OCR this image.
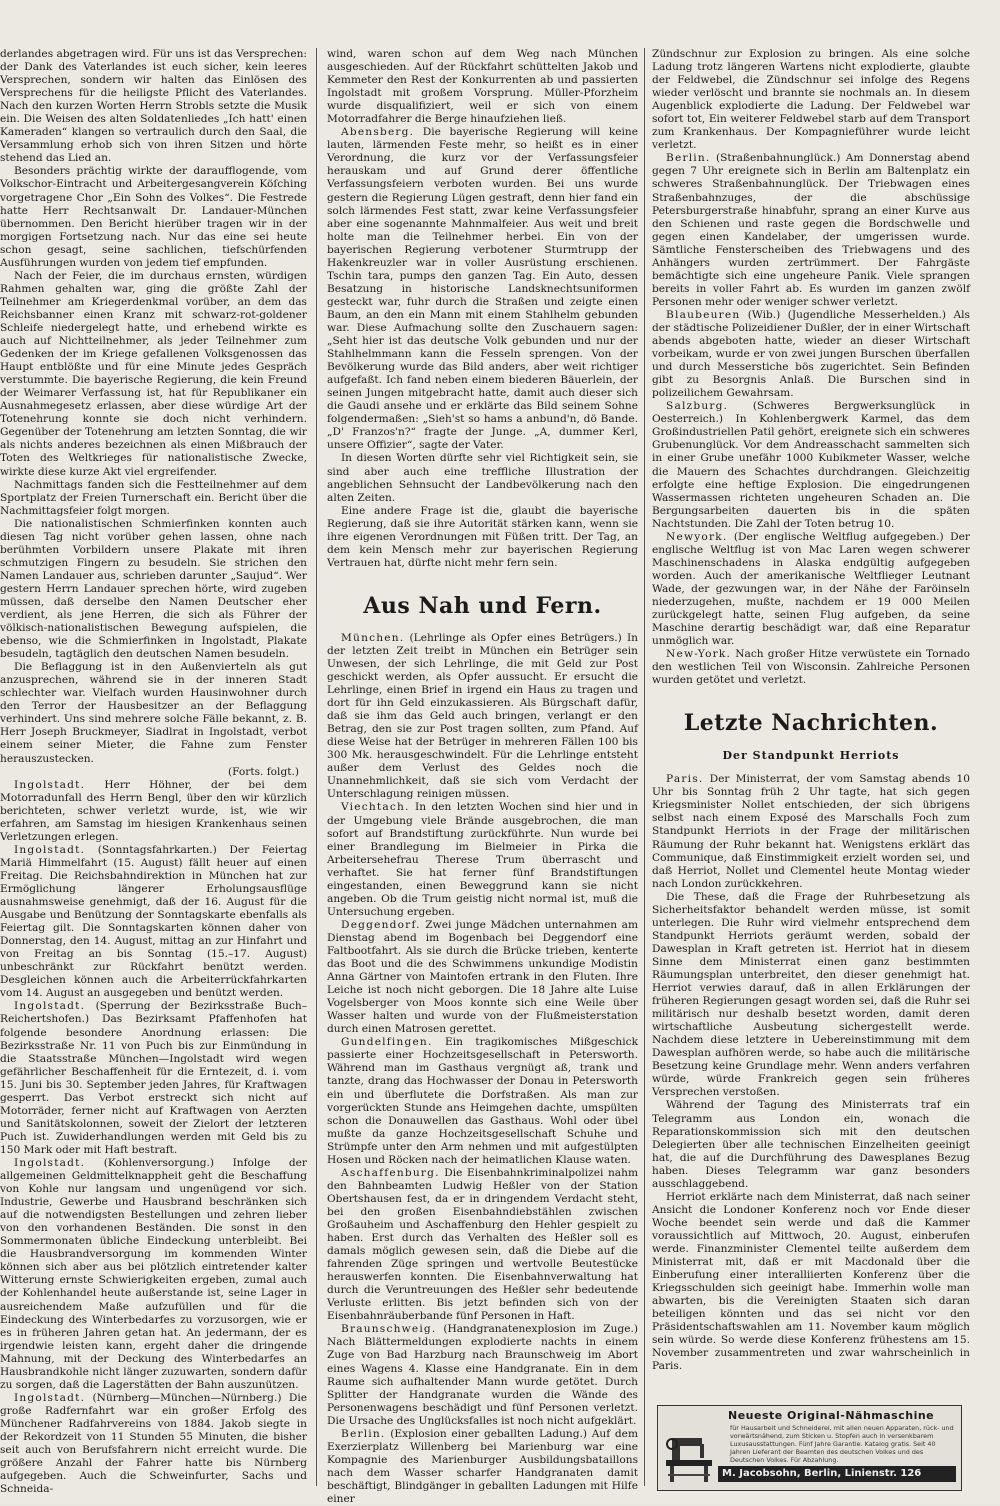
derlandes abgetragen wird. Für uns ist das Versprechen: der Dank des Vaterlandes ist euch sicher, kein leeres Versprechen, sondern wir halten das Einlösen des Versprechens für die heiligste Pflicht des Vaterlandes. Nach den kurzen Worten Herrn Strobls setzte die Musik ein. Die Weisen des alten Soldatenliedes „Ich hatt' einen Kameraden“ klangen so vertraulich durch den Saal, die Versammlung erhob sich von ihren Sitzen und hörte stehend das Lied an.

Besonders prächtig wirkte der daraufflogende, vom Volkschor-Eintracht und Arbeitergesangverein Köſching vorgetragene Chor „Ein Sohn des Volkes“. Die Festrede hatte Herr Rechtsanwalt Dr. Landauer-München übernommen. Den Bericht hierüber tragen wir in der morgigen Fortsetzung nach. Nur das eine sei heute schon gesagt, seine sachlichen, tiefschürfenden Ausführungen wurden von jedem tief empfunden.

Nach der Feier, die im durchaus ernsten, würdigen Rahmen gehalten war, ging die größte Zahl der Teilnehmer am Kriegerdenkmal vorüber, an dem das Reichsbanner einen Kranz mit schwarz-rot-goldener Schleife niedergelegt hatte, und erhebend wirkte es auch auf Nichtteilnehmer, als jeder Teilnehmer zum Gedenken der im Kriege gefallenen Volksgenossen das Haupt entblößte und für eine Minute jedes Gespräch verstummte. Die bayerische Regierung, die kein Freund der Weimarer Verfassung ist, hat für Republikaner ein Ausnahmegesetz erlassen, aber diese würdige Art der Totenehrung konnte sie doch nicht verhindern. Gegenüber der Totenehrung am letzten Sonntag, die wir als nichts anderes bezeichnen als einen Mißbrauch der Toten des Weltkrieges für nationalistische Zwecke, wirkte diese kurze Akt viel ergreifender.

Nachmittags fanden sich die Festteilnehmer auf dem Sportplatz der Freien Turnerschaft ein. Bericht über die Nachmittagsfeier folgt morgen.

Die nationalistischen Schmierfinken konnten auch diesen Tag nicht vorüber gehen lassen, ohne nach berühmten Vorbildern unsere Plakate mit ihren schmutzigen Fingern zu besudeln. Sie strichen den Namen Landauer aus, schrieben darunter „Saujud“. Wer gestern Herrn Landauer sprechen hörte, wird zugeben müssen, daß derselbe den Namen Deutscher eher verdient, als jene Herren, die sich als Führer der völkisch-nationalistischen Bewegung aufspielen, die ebenso, wie die Schmierfinken in Ingolstadt, Plakate besudeln, tagtäglich den deutschen Namen besudeln.

Die Beflaggung ist in den Außenvierteln als gut anzusprechen, während sie in der inneren Stadt schlechter war. Vielfach wurden Hausinwohner durch den Terror der Hausbesitzer an der Beflaggung verhindert. Uns sind mehrere solche Fälle bekannt, z. B. Herr Joseph Bruckmeyer, Siadlrat in Ingolstadt, verbot einem seiner Mieter, die Fahne zum Fenster herauszustecken.

(Forts. folgt.)

Ingolstadt. Herr Höhner, der bei dem Motorradunfall des Herrn Bengl, über den wir kürzlich berichteten, schwer verletzt wurde, ist, wie wir erfahren, am Samstag im hiesigen Krankenhaus seinen Verletzungen erlegen.

Ingolstadt. (Sonntagsfahrkarten.) Der Feiertag Mariä Himmelfahrt (15. August) fällt heuer auf einen Freitag. Die Reichsbahndirektion in München hat zur Ermöglichung längerer Erholungsausflüge ausnahmsweise genehmigt, daß der 16. August für die Ausgabe und Benützung der Sonntagskarte ebenfalls als Feiertag gilt. Die Sonntagskarten können daher von Donnerstag, den 14. August, mittag an zur Hinfahrt und von Freitag an bis Sonntag (15.–17. August) unbeschränkt zur Rückfahrt benützt werden. Desgleichen können auch die Arbeiterrückfahrkarten vom 14. August an ausgegeben und benützt werden.

Ingolstadt. (Sperrung der Bezirksstraße Buch–Reichertshofen.) Das Bezirksamt Pfaffenhofen hat folgende besondere Anordnung erlassen: Die Bezirksstraße Nr. 11 von Puch bis zur Einmündung in die Staatsstraße München—Ingolstadt wird wegen gefährlicher Beschaffenheit für die Erntezeit, d. i. vom 15. Juni bis 30. September jeden Jahres, für Kraftwagen gesperrt. Das Verbot erstreckt sich nicht auf Motorräder, ferner nicht auf Kraftwagen von Aerzten und Sanitätskolonnen, soweit der Zielort der letzteren Puch ist. Zuwiderhandlungen werden mit Geld bis zu 150 Mark oder mit Haft bestraft.

Ingolstadt. (Kohlenversorgung.) Infolge der allgemeinen Geldmittelknappheit geht die Beschaffung von Kohle nur langsam und ungenügend vor sich. Industrie, Gewerbe und Hausbrand beschränken sich auf die notwendigsten Bestellungen und zehren lieber von den vorhandenen Beständen. Die sonst in den Sommermonaten übliche Eindeckung unterbleibt. Bei die Hausbrandversorgung im kommenden Winter können sich aber aus bei plötzlich eintretender kalter Witterung ernste Schwierigkeiten ergeben, zumal auch der Kohlenhandel heute außerstande ist, seine Lager in ausreichendem Maße aufzufüllen und für die Eindeckung des Winterbedarfes zu vorzusorgen, wie er es in früheren Jahren getan hat. An jedermann, der es irgendwie leisten kann, ergeht daher die dringende Mahnung, mit der Deckung des Winterbedarfes an Hausbrandkohle nicht länger zuzuwarten, sondern dafür zu sorgen, daß die Lagerstätten der Bahn auszunützen.

Ingolstadt. (Nürnberg—München—Nürnberg.) Die große Radfernfahrt war ein großer Erfolg des Münchener Radfahrvereins von 1884. Jakob siegte in der Rekordzeit von 11 Stunden 55 Minuten, die bisher seit auch von Berufsfahrern nicht erreicht wurde. Die größere Anzahl der Fahrer hatte bis Nürnberg aufgegeben. Auch die Schweinfurter, Sachs und Schneida-

wind, waren schon auf dem Weg nach München ausgeschieden. Auf der Rückfahrt schüttelten Jakob und Kemmeter den Rest der Konkurrenten ab und passierten Ingolstadt mit großem Vorsprung. Müller-Pforzheim wurde disqualifiziert, weil er sich von einem Motorradfahrer die Berge hinaufziehen ließ.

Abensberg. Die bayerische Regierung will keine lauten, lärmenden Feste mehr, so heißt es in einer Verordnung, die kurz vor der Verfassungsfeier herauskam und auf Grund derer öffentliche Verfassungsfeiern verboten wurden. Bei uns wurde gestern die Regierung Lügen gestraft, denn hier fand ein solch lärmendes Fest statt, zwar keine Verfassungsfeier aber eine sogenannte Mahnmalfeier. Aus weit und breit holte man die Teilnehmer herbei. Ein von der bayerischen Regierung verbotener Sturmtrupp der Hakenkreuzler war in voller Ausrüstung erschienen. Tschin tara, pumps den ganzen Tag. Ein Auto, dessen Besatzung in historische Landsknechtsuniformen gesteckt war, fuhr durch die Straßen und zeigte einen Baum, an den ein Mann mit einem Stahlhelm gebunden war. Diese Aufmachung sollte den Zuschauern sagen: „Seht hier ist das deutsche Volk gebunden und nur der Stahlhelmmann kann die Fesseln sprengen. Von der Bevölkerung wurde das Bild anders, aber weit richtiger aufgefaßt. Ich fand neben einem biederen Bäuerlein, der seinen Jungen mitgebracht hatte, damit auch dieser sich die Gaudi ansehe und er erklärte das Bild seinem Sohne folgendermaßen: „Sieh'st so hams a anbund'n, dö Bande. „D' Franzos'n?“ fragte der Junge. „A, dummer Kerl, unsere Offizier“, sagte der Vater.

In diesen Worten dürfte sehr viel Richtigkeit sein, sie sind aber auch eine treffliche Illustration der angeblichen Sehnsucht der Landbevölkerung nach den alten Zeiten.

Eine andere Frage ist die, glaubt die bayerische Regierung, daß sie ihre Autorität stärken kann, wenn sie ihre eigenen Verordnungen mit Füßen tritt. Der Tag, an dem kein Mensch mehr zur bayerischen Regierung Vertrauen hat, dürfte nicht mehr fern sein.

Aus Nah und Fern.

München. (Lehrlinge als Opfer eines Betrügers.) In der letzten Zeit treibt in München ein Betrüger sein Unwesen, der sich Lehrlinge, die mit Geld zur Post geschickt werden, als Opfer aussucht. Er ersucht die Lehrlinge, einen Brief in irgend ein Haus zu tragen und dort für ihn Geld einzukassieren. Als Bürgschaft dafür, daß sie ihm das Geld auch bringen, verlangt er den Betrag, den sie zur Post tragen sollten, zum Pfand. Auf diese Weise hat der Betrüger in mehreren Fällen 100 bis 300 Mk. herausgeschwindelt. Für die Lehrlinge entsteht außer dem Verlust des Geldes noch die Unannehmlichkeit, daß sie sich vom Verdacht der Unterschlagung reinigen müssen.

Viechtach. In den letzten Wochen sind hier und in der Umgebung viele Brände ausgebrochen, die man sofort auf Brandstiftung zurückführte. Nun wurde bei einer Brandlegung im Bielmeier in Pirka die Arbeitersehefrau Therese Trum überrascht und verhaftet. Sie hat ferner fünf Brandstiftungen eingestanden, einen Beweggrund kann sie nicht angeben. Ob die Trum geistig nicht normal ist, muß die Untersuchung ergeben.

Deggendorf. Zwei junge Mädchen unternahmen am Dienstag abend im Bogenbach bei Deggendorf eine Faltbootfahrt. Als sie durch die Brücke trieben, kenterte das Boot und die des Schwimmens unkundige Modistin Anna Gärtner von Maintofen ertrank in den Fluten. Ihre Leiche ist noch nicht geborgen. Die 18 Jahre alte Luise Vogelsberger von Moos konnte sich eine Weile über Wasser halten und wurde von der Flußmeisterstation durch einen Matrosen gerettet.

Gundelfingen. Ein tragikomisches Mißgeschick passierte einer Hochzeitsgesellschaft in Petersworth. Während man im Gasthaus vergnügt aß, trank und tanzte, drang das Hochwasser der Donau in Petersworth ein und überflutete die Dorfstraßen. Als man zur vorgerückten Stunde ans Heimgehen dachte, umspülten schon die Donauwellen das Gasthaus. Wohl oder übel mußte da ganze Hochzeitsgesellschaft Schuhe und Strümpfe unter den Arm nehmen und mit aufgestülpten Hosen und Röcken nach der heimatlichen Klause waten.

Aschaffenburg. Die Eisenbahnkriminalpolizei nahm den Bahnbeamten Ludwig Heßler von der Station Obertshausen fest, da er in dringendem Verdacht steht, bei den großen Eisenbahndiebstählen zwischen Großauheim und Aschaffenburg den Hehler gespielt zu haben. Erst durch das Verhalten des Heßler soll es damals möglich gewesen sein, daß die Diebe auf die fahrenden Züge springen und wertvolle Beutestücke herauswerfen konnten. Die Eisenbahnverwaltung hat durch die Veruntreuungen des Heßler sehr bedeutende Verluste erlitten. Bis jetzt befinden sich von der Eisenbahnräuberbande fünf Personen in Haft.

Braunschweig. (Handgranatenexplosion im Zuge.) Nach Blättermeldungen explodierte nachts in einem Zuge von Bad Harzburg nach Braunschweig im Abort eines Wagens 4. Klasse eine Handgranate. Ein in dem Raume sich aufhaltender Mann wurde getötet. Durch Splitter der Handgranate wurden die Wände des Personenwagens beschädigt und fünf Personen verletzt. Die Ursache des Unglücksfalles ist noch nicht aufgeklärt.

Berlin. (Explosion einer geballten Ladung.) Auf dem Exerzierplatz Willenberg bei Marienburg war eine Kompagnie des Marienburger Ausbildungsbataillons nach dem Wasser scharfer Handgranaten damit beschäftigt, Blindgänger in geballten Ladungen mit Hilfe einer

Zündschnur zur Explosion zu bringen. Als eine solche Ladung trotz längeren Wartens nicht explodierte, glaubte der Feldwebel, die Zündschnur sei infolge des Regens wieder verlöscht und brannte sie nochmals an. In diesem Augenblick explodierte die Ladung. Der Feldwebel war sofort tot, Ein weiterer Feldwebel starb auf dem Transport zum Krankenhaus. Der Kompagnieführer wurde leicht verletzt.

Berlin. (Straßenbahnunglück.) Am Donnerstag abend gegen 7 Uhr ereignete sich in Berlin am Baltenplatz ein schweres Straßenbahnunglück. Der Triebwagen eines Straßenbahnzuges, der die abschüssige Petersburgerstraße hinabfuhr, sprang an einer Kurve aus den Schienen und raste gegen die Bordschwelle und gegen einen Kandelaber, der umgerissen wurde. Sämtliche Fensterscheiben des Triebwagens und des Anhängers wurden zertrümmert. Der Fahrgäste bemächtigte sich eine ungeheure Panik. Viele sprangen bereits in voller Fahrt ab. Es wurden im ganzen zwölf Personen mehr oder weniger schwer verletzt.

Blaubeuren (Wib.) (Jugendliche Messerhelden.) Als der städtische Polizeidiener Dußler, der in einer Wirtschaft abends abgeboten hatte, wieder an dieser Wirtschaft vorbeikam, wurde er von zwei jungen Burschen überfallen und durch Messerstiche bös zugerichtet. Sein Befinden gibt zu Besorgnis Anlaß. Die Burschen sind in polizeilichem Gewahrsam.

Salzburg. (Schweres Bergwerksunglück in Oesterreich.) In Kohlenbergwerk Karmel, das dem Großindustriellen Patil gehört, ereignete sich ein schweres Grubenunglück. Vor dem Andreasschacht sammelten sich in einer Grube unefähr 1000 Kubikmeter Wasser, welche die Mauern des Schachtes durchdrangen. Gleichzeitig erfolgte eine heftige Explosion. Die eingedrungenen Wassermassen richteten ungeheuren Schaden an. Die Bergungsarbeiten dauerten bis in die späten Nachtstunden. Die Zahl der Toten betrug 10.

Newyork. (Der englische Weltflug aufgegeben.) Der englische Weltflug ist von Mac Laren wegen schwerer Maschinenschadens in Alaska endgültig aufgegeben worden. Auch der amerikanische Weltflieger Leutnant Wade, der gezwungen war, in der Nähe der Faröinseln niederzugehen, mußte, nachdem er 19 000 Meilen zurückgelegt hatte, seinen Flug aufgeben, da seine Maschine derartig beschädigt war, daß eine Reparatur unmöglich war.

New-York. Nach großer Hitze verwüstete ein Tornado den westlichen Teil von Wisconsin. Zahlreiche Personen wurden getötet und verletzt.

Letzte Nachrichten.
Der Standpunkt Herriots

Paris. Der Ministerrat, der vom Samstag abends 10 Uhr bis Sonntag früh 2 Uhr tagte, hat sich gegen Kriegsminister Nollet entschieden, der sich übrigens selbst nach einem Exposé des Marschalls Foch zum Standpunkt Herriots in der Frage der militärischen Räumung der Ruhr bekannt hat. Wenigstens erklärt das Communique, daß Einstimmigkeit erzielt worden sei, und daß Herriot, Nollet und Clementel heute Montag wieder nach London zurückkehren.

Die These, daß die Frage der Ruhrbesetzung als Sicherheitsfaktor behandelt werden müsse, ist somit unterlegen. Die Ruhr wird vielmehr entsprechend dem Standpunkt Herriots geräumt werden, sobald der Dawesplan in Kraft getreten ist. Herriot hat in diesem Sinne dem Ministerrat einen ganz bestimmten Räumungsplan unterbreitet, den dieser genehmigt hat. Herriot verwies darauf, daß in allen Erklärungen der früheren Regierungen gesagt worden sei, daß die Ruhr sei militärisch nur deshalb besetzt worden, damit deren wirtschaftliche Ausbeutung sichergestellt werde. Nachdem diese letztere in Uebereinstimmung mit dem Dawesplan aufhören werde, so habe auch die militärische Besetzung keine Grundlage mehr. Wenn anders verfahren würde, würde Frankreich gegen sein früheres Versprechen verstoßen.

Während der Tagung des Ministerrats traf ein Telegramm aus London ein, wonach die Reparationskommission sich mit den deutschen Delegierten über alle technischen Einzelheiten geeinigt hat, die auf die Durchführung des Dawesplanes Bezug haben. Dieses Telegramm war ganz besonders ausschlaggebend.

Herriot erklärte nach dem Ministerrat, daß nach seiner Ansicht die Londoner Konferenz noch vor Ende dieser Woche beendet sein werde und daß die Kammer voraussichtlich auf Mittwoch, 20. August, einberufen werde. Finanzminister Clementel teilte außerdem dem Ministerrat mit, daß er mit Macdonald über die Einberufung einer interalliierten Konferenz über die Kriegsschulden sich geeinigt habe. Immerhin wolle man abwarten, bis die Vereinigten Staaten sich daran beteiligen könnten und das sei nicht vor den Präsidentschaftswahlen am 11. November kaum möglich sein würde. So werde diese Konferenz frühestens am 15. November zusammentreten und zwar wahrscheinlich in Paris.

Neueste Original-Nähmaschine
für Hausarbeit und Schneiderei, mit allen neuen Apparaten, rück- und vorwärtsnähend, zum Sticken u. Stopfen auch in versenkbarem Luxusausstattungen. Fünf Jahre Garantie. Katalog gratis. Seit 40 Jahren Lieferant der Beamten des deutschen Volkes und des Deutschen Volkes. Für Abzahlung.
M. Jacobsohn, Berlin, Linienstr. 126
